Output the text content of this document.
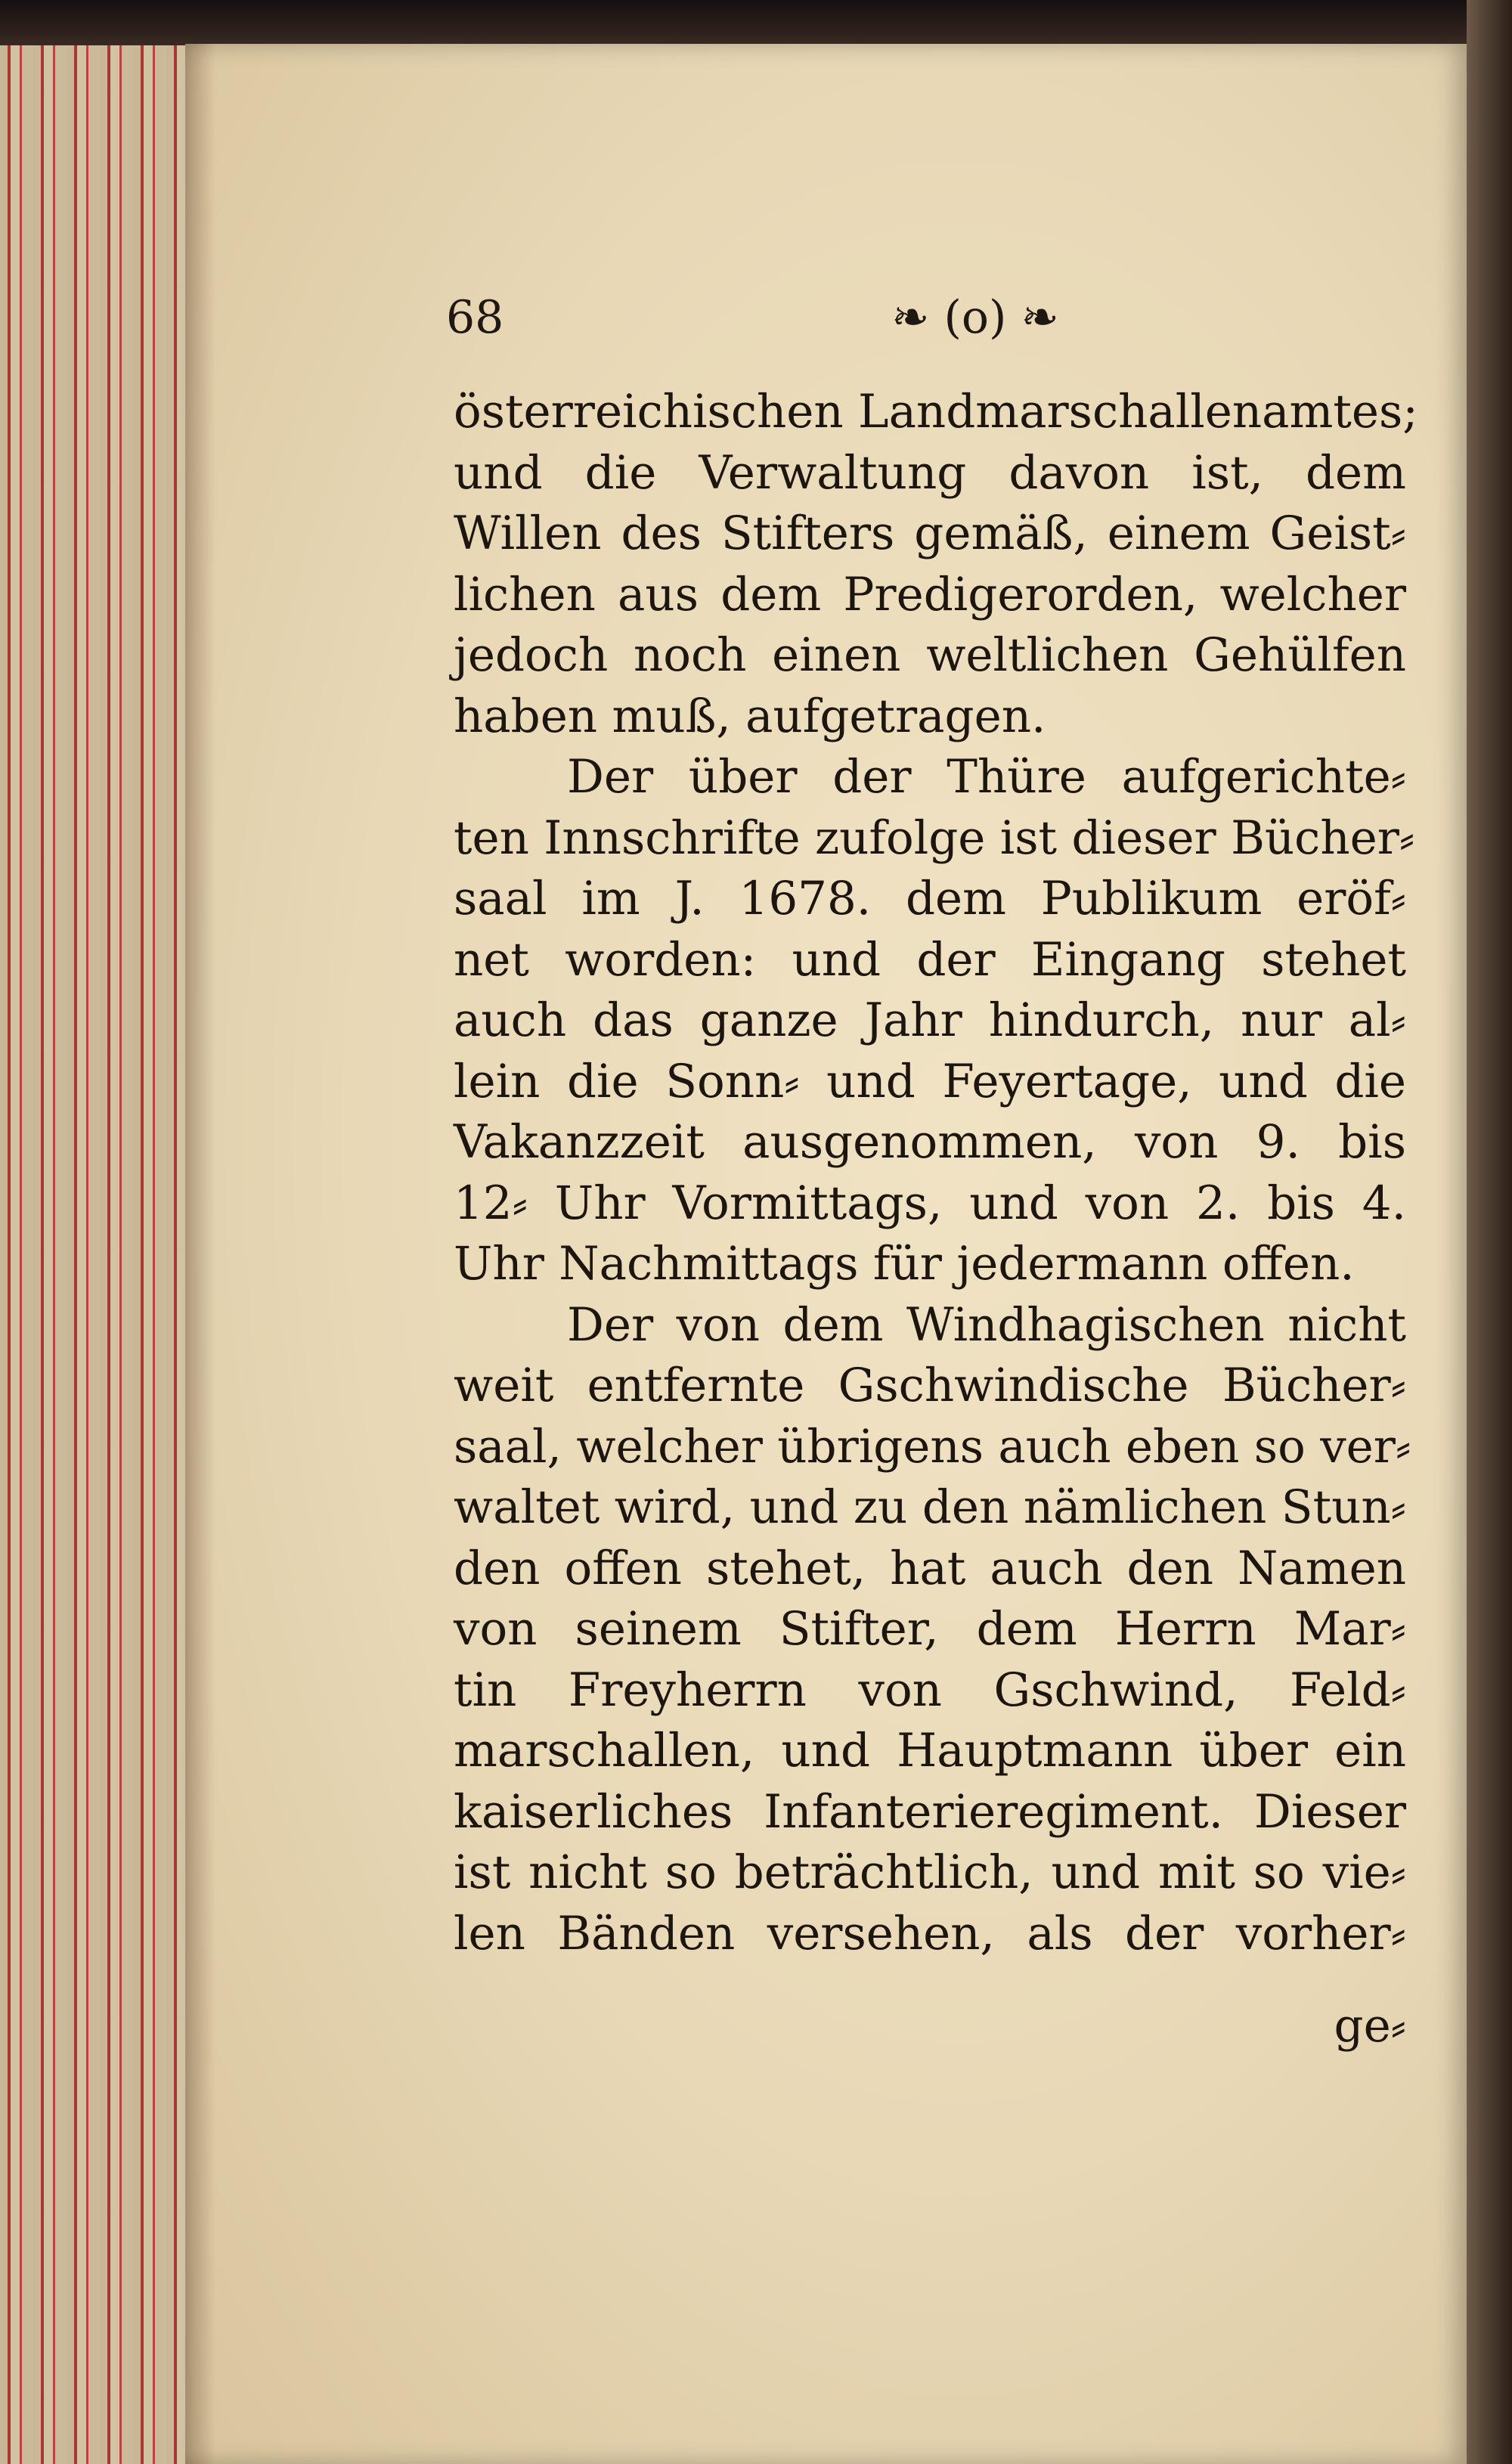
68	❧ (o) ❧
österreichischen Landmarschallenamtes;
und die Verwaltung davon ist, dem
Willen des Stifters gemäß, einem Geist⸗
lichen aus dem Predigerorden, welcher
jedoch noch einen weltlichen Gehülfen
haben muß, aufgetragen.
Der über der Thüre aufgerichte⸗
ten Innschrifte zufolge ist dieser Bücher⸗
saal im J. 1678. dem Publikum eröf⸗
net worden: und der Eingang stehet
auch das ganze Jahr hindurch, nur al⸗
lein die Sonn⸗ und Feyertage, und die
Vakanzzeit ausgenommen, von 9. bis
12⸗ Uhr Vormittags, und von 2. bis 4.
Uhr Nachmittags für jedermann offen.
Der von dem Windhagischen nicht
weit entfernte Gschwindische Bücher⸗
saal, welcher übrigens auch eben so ver⸗
waltet wird, und zu den nämlichen Stun⸗
den offen stehet, hat auch den Namen
von seinem Stifter, dem Herrn Mar⸗
tin Freyherrn von Gschwind, Feld⸗
marschallen, und Hauptmann über ein
kaiserliches Infanterieregiment. Dieser
ist nicht so beträchtlich, und mit so vie⸗
len Bänden versehen, als der vorher⸗
ge⸗
